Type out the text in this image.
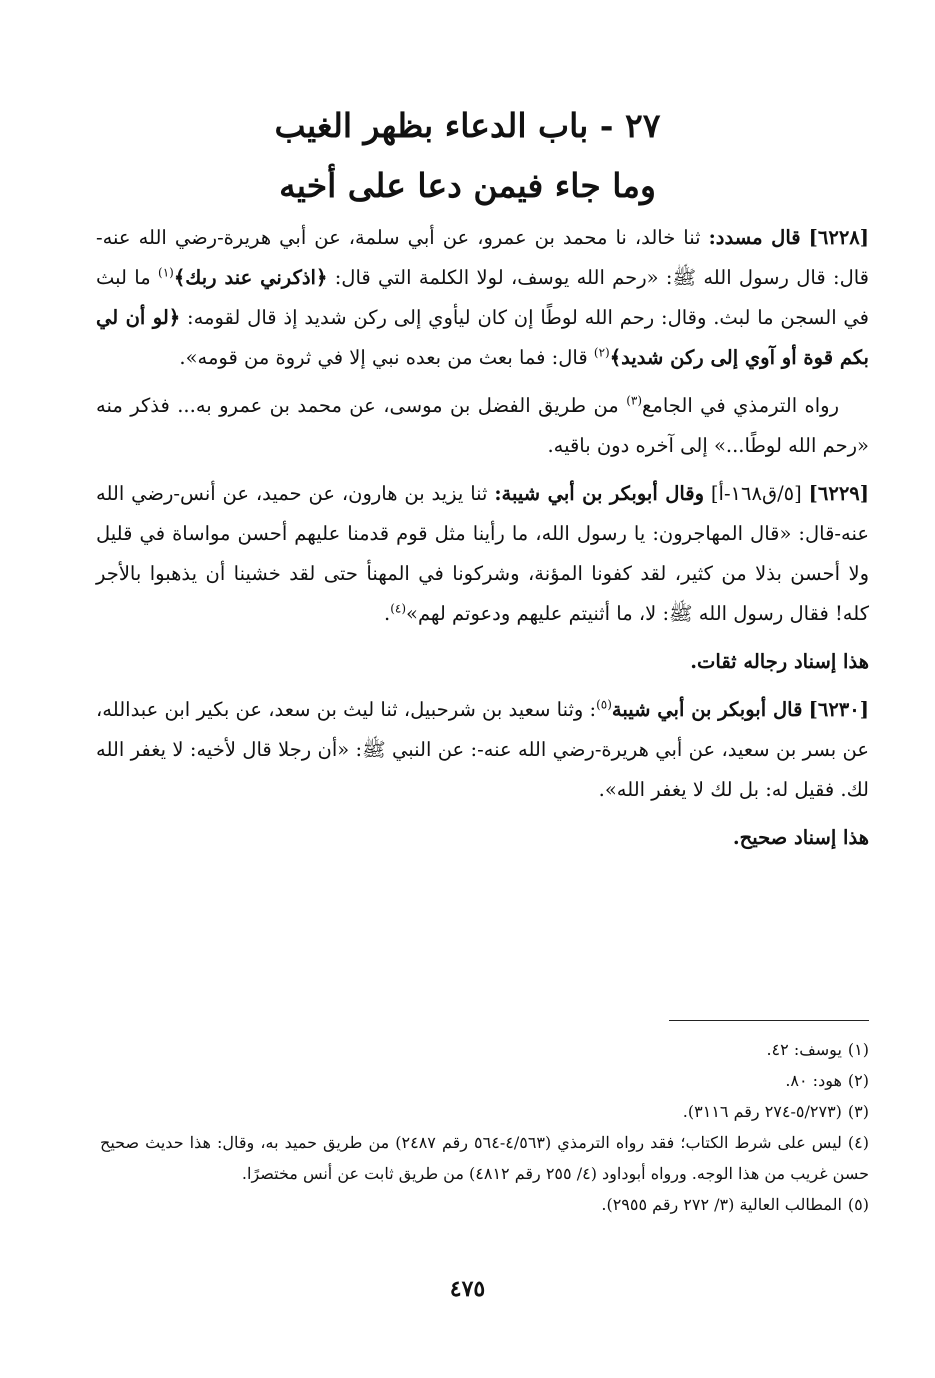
٢٧ - باب الدعاء بظهر الغيب
وما جاء فيمن دعا على أخيه

[٦٢٢٨] قال مسدد: ثنا خالد، نا محمد بن عمرو، عن أبي سلمة، عن أبي هريرة-رضي الله عنه-قال: قال رسول الله ﷺ: «رحم الله يوسف، لولا الكلمة التي قال: ﴿اذكرني عند ربك﴾$^{(١)}$ ما لبث في السجن ما لبث. وقال: رحم الله لوطًا إن كان ليأوي إلى ركن شديد إذ قال لقومه: ﴿لو أن لي بكم قوة أو آوي إلى ركن شديد﴾$^{(٢)}$ قال: فما بعث من بعده نبي إلا في ثروة من قومه».

رواه الترمذي في الجامع$^{(٣)}$ من طريق الفضل بن موسى، عن محمد بن عمرو به... فذكر منه «رحم الله لوطًا...» إلى آخره دون باقيه.

[٦٢٢٩] [٥/ق١٦٨-أ] وقال أبوبكر بن أبي شيبة: ثنا يزيد بن هارون، عن حميد، عن أنس-رضي الله عنه-قال: «قال المهاجرون: يا رسول الله، ما رأينا مثل قوم قدمنا عليهم أحسن مواساة في قليل ولا أحسن بذلا من كثير، لقد كفونا المؤنة، وشركونا في المهنأ حتى لقد خشينا أن يذهبوا بالأجر كله! فقال رسول الله ﷺ: لا، ما أثنيتم عليهم ودعوتم لهم»$^{(٤)}$.

هذا إسناد رجاله ثقات.

[٦٢٣٠] قال أبوبكر بن أبي شيبة$^{(٥)}$: وثنا سعيد بن شرحبيل، ثنا ليث بن سعد، عن بكير ابن عبدالله، عن بسر بن سعيد، عن أبي هريرة-رضي الله عنه-: عن النبي ﷺ: «أن رجلا قال لأخيه: لا يغفر الله لك. فقيل له: بل لك لا يغفر الله».

هذا إسناد صحيح.

(١)يوسف: ٤٢.

(٢)هود: ٨٠.

(٣)(٥/٢٧٣-٢٧٤ رقم ٣١١٦).

(٤)ليس على شرط الكتاب؛ فقد رواه الترمذي (٤/٥٦٣-٥٦٤ رقم ٢٤٨٧) من طريق حميد به، وقال: هذا حديث صحيح حسن غريب من هذا الوجه. ورواه أبوداود (٤/ ٢٥٥ رقم ٤٨١٢) من طريق ثابت عن أنس مختصرًا.

(٥)المطالب العالية (٣/ ٢٧٢ رقم ٢٩٥٥).

٤٧٥
